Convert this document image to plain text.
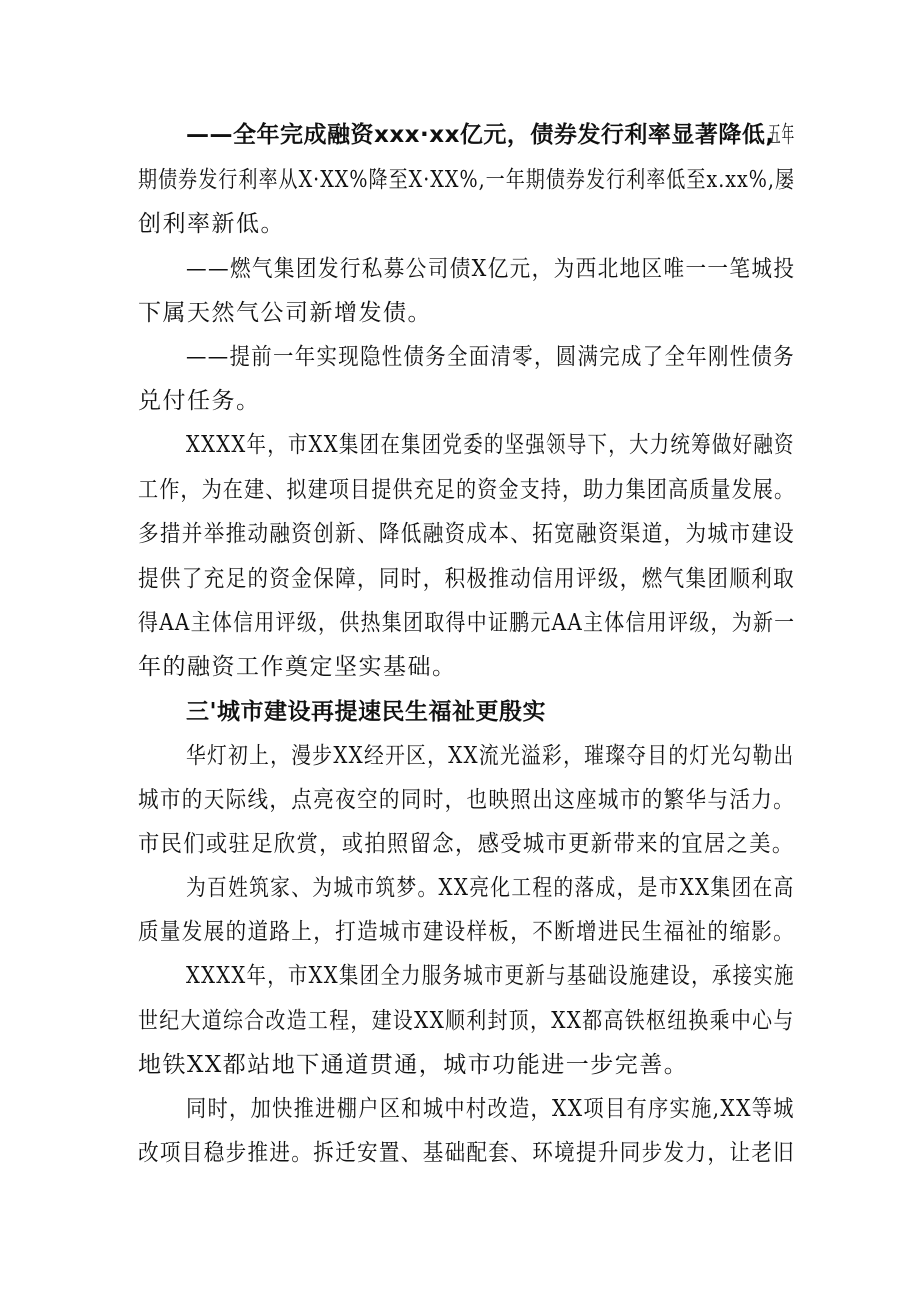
——全年完成融资xxx·xx亿元，债券发行利率显著降低,
五年
期债券发行利率从X·XX%降至X·XX%,一年期债券发行利率低至x.xx%,屡
创利率新低。
——燃气集团发行私募公司债X亿元，为西北地区唯一一笔城投
下属天然气公司新增发债。
——提前一年实现隐性债务全面清零，圆满完成了全年刚性债务
兑付任务。
XXXX年，市XX集团在集团党委的坚强领导下，大力统筹做好融资
工作，为在建、拟建项目提供充足的资金支持，助力集团高质量发展。
多措并举推动融资创新、降低融资成本、拓宽融资渠道，为城市建设
提供了充足的资金保障，同时，积极推动信用评级，燃气集团顺利取
得AA主体信用评级，供热集团取得中证鹏元AA主体信用评级，为新一
年的融资工作奠定坚实基础。
三'城市建设再提速民生福祉更殷实
华灯初上，漫步XX经开区，XX流光溢彩，璀璨夺目的灯光勾勒出
城市的天际线，点亮夜空的同时，也映照出这座城市的繁华与活力。
市民们或驻足欣赏，或拍照留念，感受城市更新带来的宜居之美。
为百姓筑家、为城市筑梦。XX亮化工程的落成，是市XX集团在高
质量发展的道路上，打造城市建设样板，不断增进民生福祉的缩影。
XXXX年，市XX集团全力服务城市更新与基础设施建设，承接实施
世纪大道综合改造工程，建设XX顺利封顶，XX都高铁枢纽换乘中心与
地铁XX都站地下通道贯通，城市功能进一步完善。
同时，加快推进棚户区和城中村改造，XX项目有序实施,XX等城
改项目稳步推进。拆迁安置、基础配套、环境提升同步发力，让老旧
